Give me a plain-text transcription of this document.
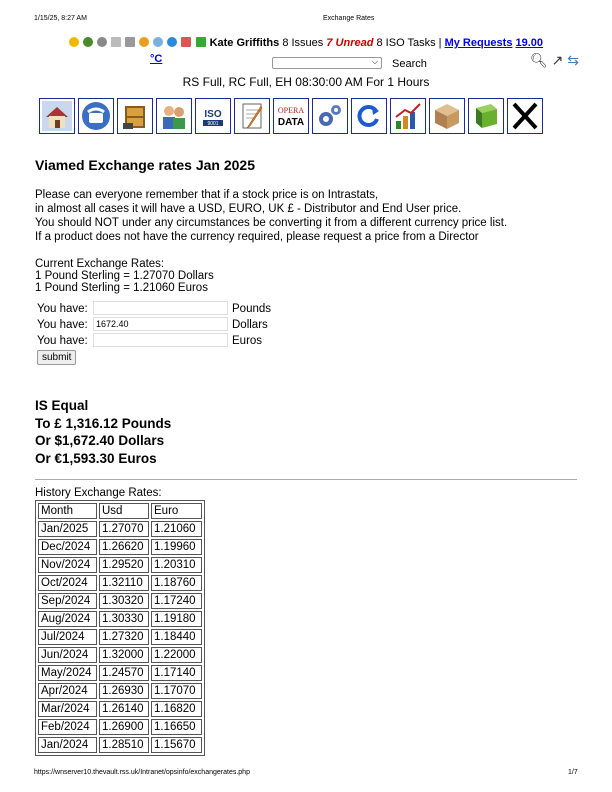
1/15/25, 8:27 AM	Exchange Rates
Kate Griffiths 8 Issues 7 Unread 8 ISO Tasks | My Requests 19.00
°C	⌵ Search	🔍︎ ↗ ⇆
RS Full, RC Full, EH 08:30:00 AM For 1 Hours
ISO
9001
OPERA
DATA
Viamed Exchange rates Jan 2025
Please can everyone remember that if a stock price is on Intrastats,
in almost all cases it will have a USD, EURO, UK £ - Distributor and End User price.
You should NOT under any circumstances be converting it from a different currency price list.
If a product does not have the currency required, please request a price from a Director
Current Exchange Rates:
1 Pound Sterling = 1.27070 Dollars
1 Pound Sterling = 1.21060 Euros
You have:	Pounds
You have: 1672.40	Dollars
You have:	Euros
submit
IS Equal
To £ 1,316.12 Pounds
Or $1,672.40 Dollars
Or €1,593.30 Euros
History Exchange Rates:
Month	Usd	Euro
Jan/2025	1.27070	1.21060
Dec/2024	1.26620	1.19960
Nov/2024	1.29520	1.20310
Oct/2024	1.32110	1.18760
Sep/2024	1.30320	1.17240
Aug/2024	1.30330	1.19180
Jul/2024	1.27320	1.18440
Jun/2024	1.32000	1.22000
May/2024	1.24570	1.17140
Apr/2024	1.26930	1.17070
Mar/2024	1.26140	1.16820
Feb/2024	1.26900	1.16650
Jan/2024	1.28510	1.15670
https://wnserver10.thevault.rss.uk/Intranet/opsinfo/exchangerates.php	1/7
